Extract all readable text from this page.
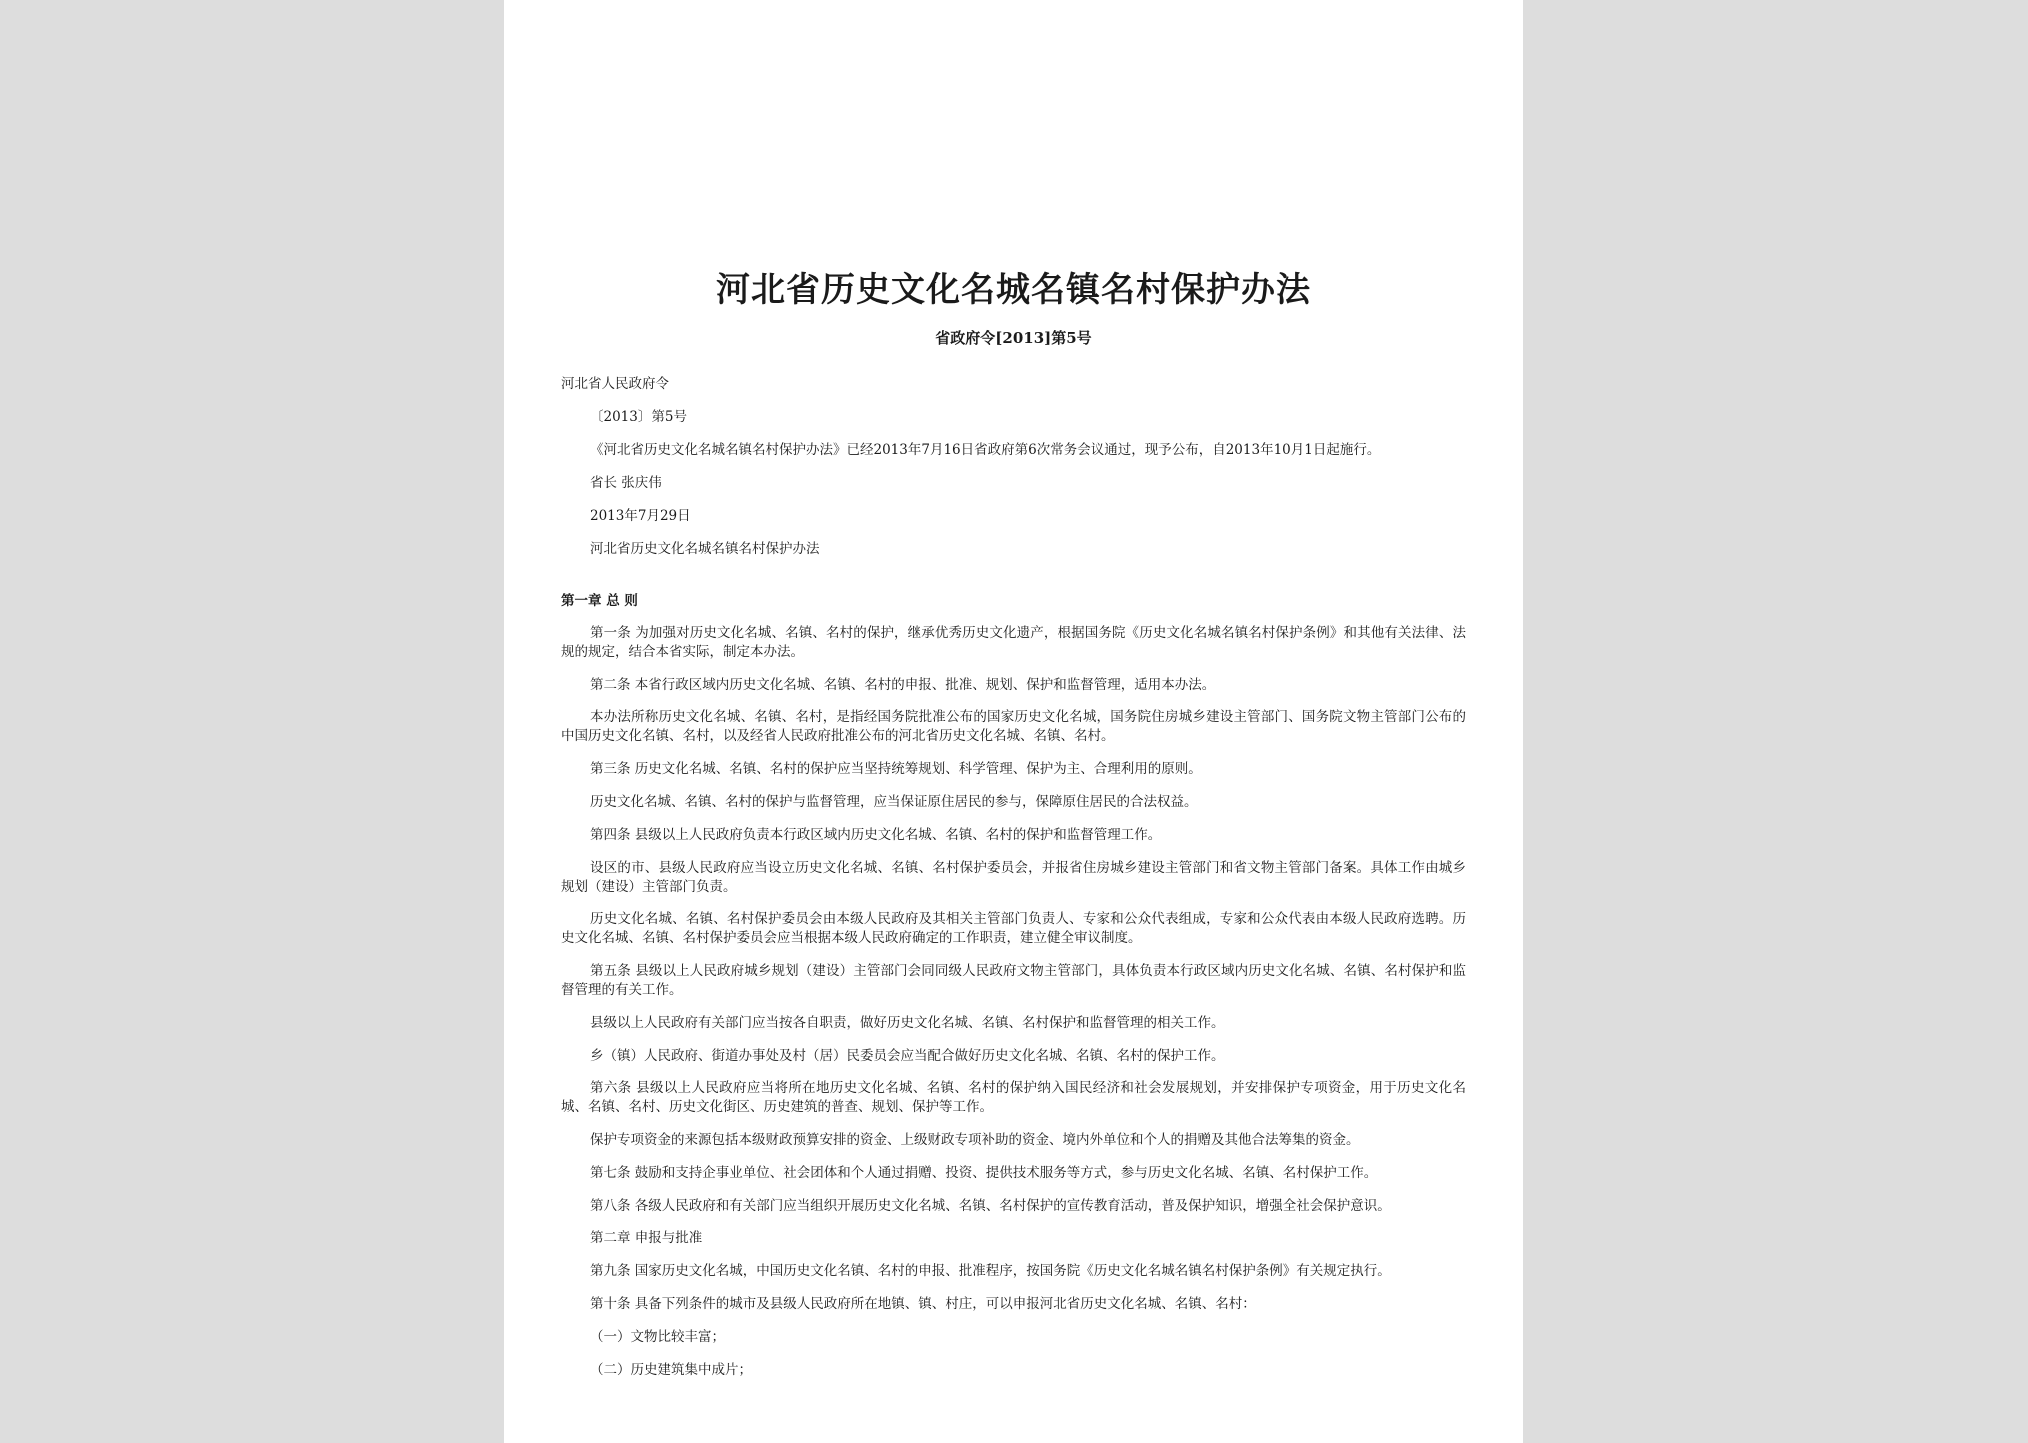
河北省历史文化名城名镇名村保护办法
省政府令[2013]第5号
河北省人民政府令
〔2013〕第5号
《河北省历史文化名城名镇名村保护办法》已经2013年7月16日省政府第6次常务会议通过，现予公布，自2013年10月1日起施行。
省长 张庆伟
2013年7月29日
河北省历史文化名城名镇名村保护办法
第一章 总 则
第一条 为加强对历史文化名城、名镇、名村的保护，继承优秀历史文化遗产，根据国务院《历史文化名城名镇名村保护条例》和其他有关法律、法规的规定，结合本省实际，制定本办法。
第二条 本省行政区域内历史文化名城、名镇、名村的申报、批准、规划、保护和监督管理，适用本办法。
本办法所称历史文化名城、名镇、名村，是指经国务院批准公布的国家历史文化名城，国务院住房城乡建设主管部门、国务院文物主管部门公布的中国历史文化名镇、名村，以及经省人民政府批准公布的河北省历史文化名城、名镇、名村。
第三条 历史文化名城、名镇、名村的保护应当坚持统筹规划、科学管理、保护为主、合理利用的原则。
历史文化名城、名镇、名村的保护与监督管理，应当保证原住居民的参与，保障原住居民的合法权益。
第四条 县级以上人民政府负责本行政区域内历史文化名城、名镇、名村的保护和监督管理工作。
设区的市、县级人民政府应当设立历史文化名城、名镇、名村保护委员会，并报省住房城乡建设主管部门和省文物主管部门备案。具体工作由城乡规划（建设）主管部门负责。
历史文化名城、名镇、名村保护委员会由本级人民政府及其相关主管部门负责人、专家和公众代表组成，专家和公众代表由本级人民政府选聘。历史文化名城、名镇、名村保护委员会应当根据本级人民政府确定的工作职责，建立健全审议制度。
第五条 县级以上人民政府城乡规划（建设）主管部门会同同级人民政府文物主管部门，具体负责本行政区域内历史文化名城、名镇、名村保护和监督管理的有关工作。
县级以上人民政府有关部门应当按各自职责，做好历史文化名城、名镇、名村保护和监督管理的相关工作。
乡（镇）人民政府、街道办事处及村（居）民委员会应当配合做好历史文化名城、名镇、名村的保护工作。
第六条 县级以上人民政府应当将所在地历史文化名城、名镇、名村的保护纳入国民经济和社会发展规划，并安排保护专项资金，用于历史文化名城、名镇、名村、历史文化街区、历史建筑的普查、规划、保护等工作。
保护专项资金的来源包括本级财政预算安排的资金、上级财政专项补助的资金、境内外单位和个人的捐赠及其他合法筹集的资金。
第七条 鼓励和支持企事业单位、社会团体和个人通过捐赠、投资、提供技术服务等方式，参与历史文化名城、名镇、名村保护工作。
第八条 各级人民政府和有关部门应当组织开展历史文化名城、名镇、名村保护的宣传教育活动，普及保护知识，增强全社会保护意识。
第二章 申报与批准
第九条 国家历史文化名城，中国历史文化名镇、名村的申报、批准程序，按国务院《历史文化名城名镇名村保护条例》有关规定执行。
第十条 具备下列条件的城市及县级人民政府所在地镇、镇、村庄，可以申报河北省历史文化名城、名镇、名村：
（一）文物比较丰富；
（二）历史建筑集中成片；
